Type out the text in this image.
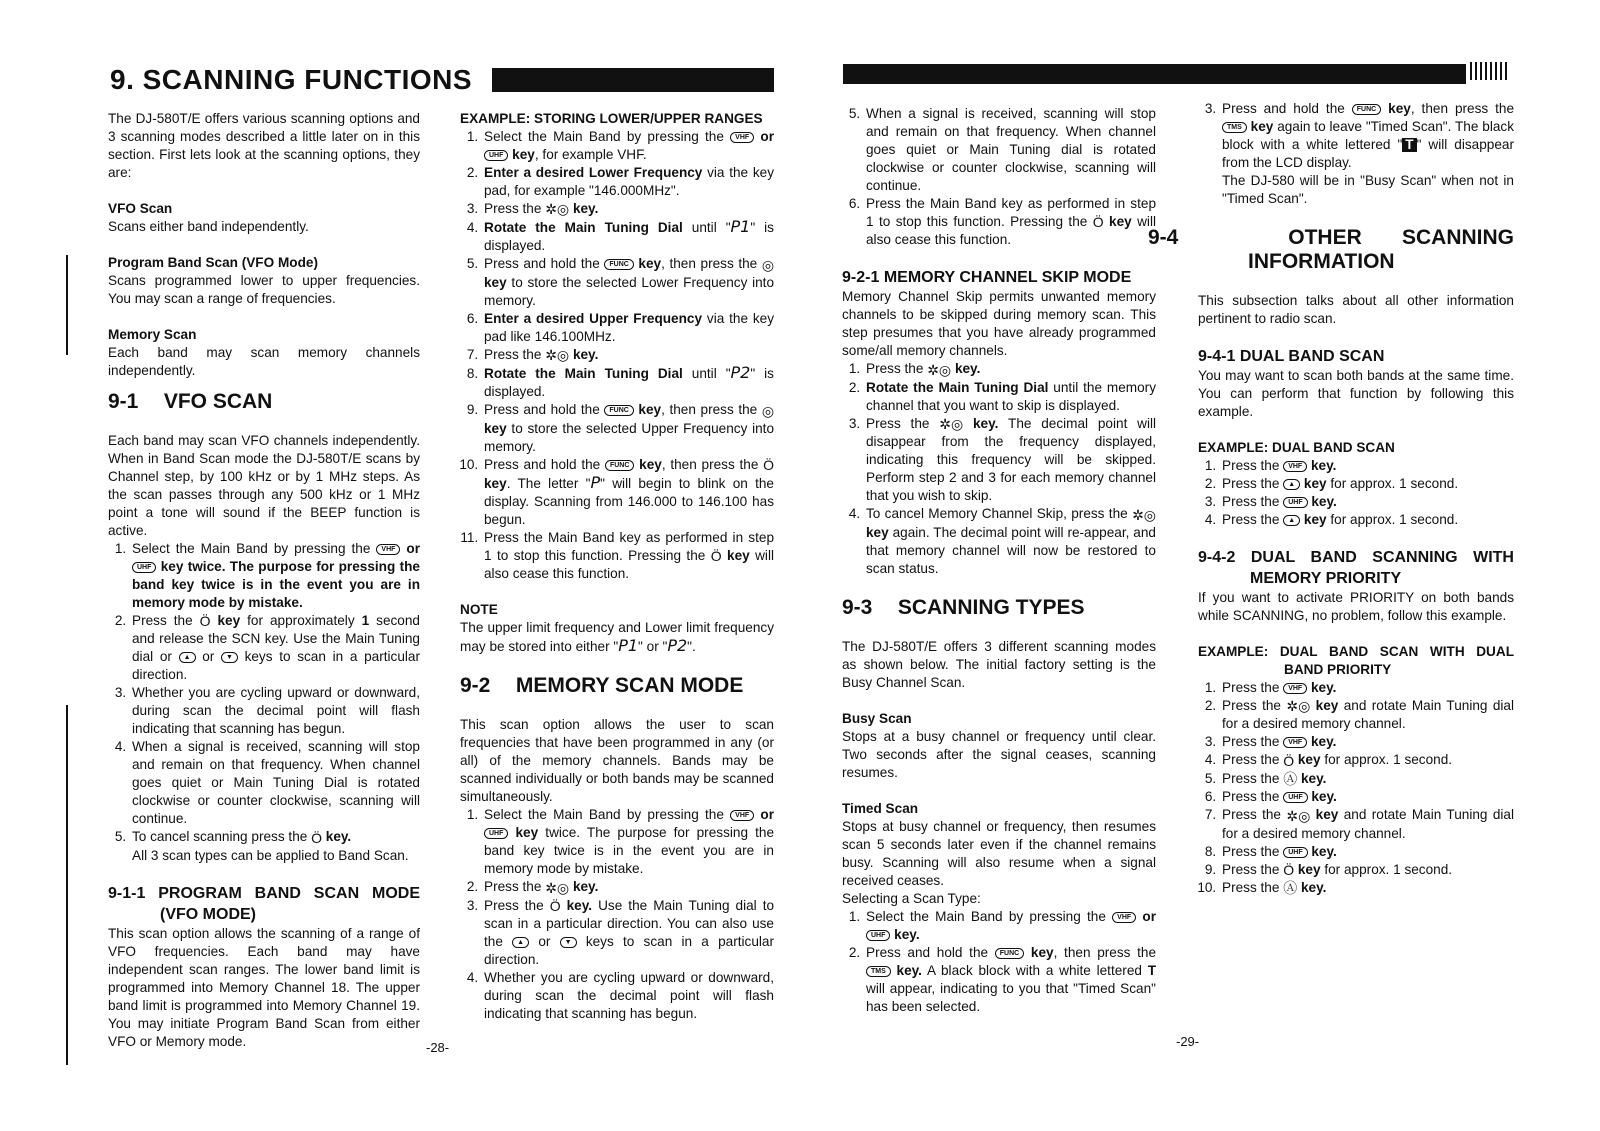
9. SCANNING FUNCTIONS

The DJ-580T/E offers various scanning options and 3 scanning modes described a little later on in this section. First lets look at the scanning options, they are:

VFO Scan

Scans either band independently.

Program Band Scan (VFO Mode)

Scans programmed lower to upper frequencies. You may scan a range of frequencies.

Memory Scan

Each band may scan memory channels independently.

9-1 VFO SCAN

Each band may scan VFO channels independently. When in Band Scan mode the DJ-580T/E scans by Channel step, by 100 kHz or by 1 MHz steps. As the scan passes through any 500 kHz or 1 MHz point a tone will sound if the BEEP function is active.

1. Select the Main Band by pressing the VHF or UHF key twice. The purpose for pressing the band key twice is in the event you are in memory mode by mistake.
2. Press the Ö key for approximately 1 second and release the SCN key. Use the Main Tuning dial or ▲ or ▼ keys to scan in a particular direction.
3. Whether you are cycling upward or downward, during scan the decimal point will flash indicating that scanning has begun.
4. When a signal is received, scanning will stop and remain on that frequency. When channel goes quiet or Main Tuning Dial is rotated clockwise or counter clockwise, scanning will continue.
5. To cancel scanning press the Ö key.
All 3 scan types can be applied to Band Scan.
9-1-1 PROGRAM BAND SCAN MODE (VFO MODE)

This scan option allows the scanning of a range of VFO frequencies. Each band may have independent scan ranges. The lower band limit is programmed into Memory Channel 18. The upper band limit is programmed into Memory Channel 19. You may initiate Program Band Scan from either VFO or Memory mode.

EXAMPLE: STORING LOWER/UPPER RANGES

1. Select the Main Band by pressing the VHF or UHF key, for example VHF.
2. Enter a desired Lower Frequency via the key pad, for example "146.000MHz".
3. Press the ✲◎ key.
4. Rotate the Main Tuning Dial until "P1" is displayed.
5. Press and hold the FUNC key, then press the ◎ key to store the selected Lower Frequency into memory.
6. Enter a desired Upper Frequency via the key pad like 146.100MHz.
7. Press the ✲◎ key.
8. Rotate the Main Tuning Dial until "P2" is displayed.
9. Press and hold the FUNC key, then press the ◎ key to store the selected Upper Frequency into memory.
10. Press and hold the FUNC key, then press the Ö key. The letter "P" will begin to blink on the display. Scanning from 146.000 to 146.100 has begun.
11. Press the Main Band key as performed in step 1 to stop this function. Pressing the Ö key will also cease this function.

NOTE

The upper limit frequency and Lower limit frequency may be stored into either "P1" or "P2".

9-2 MEMORY SCAN MODE

This scan option allows the user to scan frequencies that have been programmed in any (or all) of the memory channels. Bands may be scanned individually or both bands may be scanned simultaneously.

1. Select the Main Band by pressing the VHF or UHF key twice. The purpose for pressing the band key twice is in the event you are in memory mode by mistake.
2. Press the ✲◎ key.
3. Press the Ö key. Use the Main Tuning dial to scan in a particular direction. You can also use the ▲ or ▼ keys to scan in a particular direction.
4. Whether you are cycling upward or downward, during scan the decimal point will flash indicating that scanning has begun.
-28-
5. When a signal is received, scanning will stop and remain on that frequency. When channel goes quiet or Main Tuning dial is rotated clockwise or counter clockwise, scanning will continue.
6. Press the Main Band key as performed in step 1 to stop this function. Pressing the Ö key will also cease this function.
9-2-1 MEMORY CHANNEL SKIP MODE

Memory Channel Skip permits unwanted memory channels to be skipped during memory scan. This step presumes that you have already programmed some/all memory channels.

1. Press the ✲◎ key.
2. Rotate the Main Tuning Dial until the memory channel that you want to skip is displayed.
3. Press the ✲◎ key. The decimal point will disappear from the frequency displayed, indicating this frequency will be skipped. Perform step 2 and 3 for each memory channel that you wish to skip.
4. To cancel Memory Channel Skip, press the ✲◎ key again. The decimal point will re-appear, and that memory channel will now be restored to scan status.
9-3 SCANNING TYPES

The DJ-580T/E offers 3 different scanning modes as shown below. The initial factory setting is the Busy Channel Scan.

Busy Scan

Stops at a busy channel or frequency until clear. Two seconds after the signal ceases, scanning resumes.

Timed Scan

Stops at busy channel or frequency, then resumes scan 5 seconds later even if the channel remains busy. Scanning will also resume when a signal received ceases.

Selecting a Scan Type:

1. Select the Main Band by pressing the VHF or UHF key.
2. Press and hold the FUNC key, then press the TMS key. A black block with a white lettered T will appear, indicating to you that "Timed Scan" has been selected.
-29-
3. Press and hold the FUNC key, then press the TMS key again to leave "Timed Scan". The black block with a white lettered " T " will disappear from the LCD display.
The DJ-580 will be in "Busy Scan" when not in "Timed Scan".
9-4	OTHER SCANNING INFORMATION

This subsection talks about all other information pertinent to radio scan.

9-4-1 DUAL BAND SCAN

You may want to scan both bands at the same time. You can perform that function by following this example.

EXAMPLE: DUAL BAND SCAN

1. Press the VHF key.
2. Press the ▲ key for approx. 1 second.
3. Press the UHF key.
4. Press the ▲ key for approx. 1 second.
9-4-2 DUAL BAND SCANNING WITH MEMORY PRIORITY

If you want to activate PRIORITY on both bands while SCANNING, no problem, follow this example.

EXAMPLE: DUAL BAND SCAN WITH DUAL BAND PRIORITY

1. Press the VHF key.
2. Press the ✲◎ key and rotate Main Tuning dial for a desired memory channel.
3. Press the VHF key.
4. Press the Ö key for approx. 1 second.
5. Press the Ⓐ key.
6. Press the UHF key.
7. Press the ✲◎ key and rotate Main Tuning dial for a desired memory channel.
8. Press the UHF key.
9. Press the Ö key for approx. 1 second.
10. Press the Ⓐ key.
